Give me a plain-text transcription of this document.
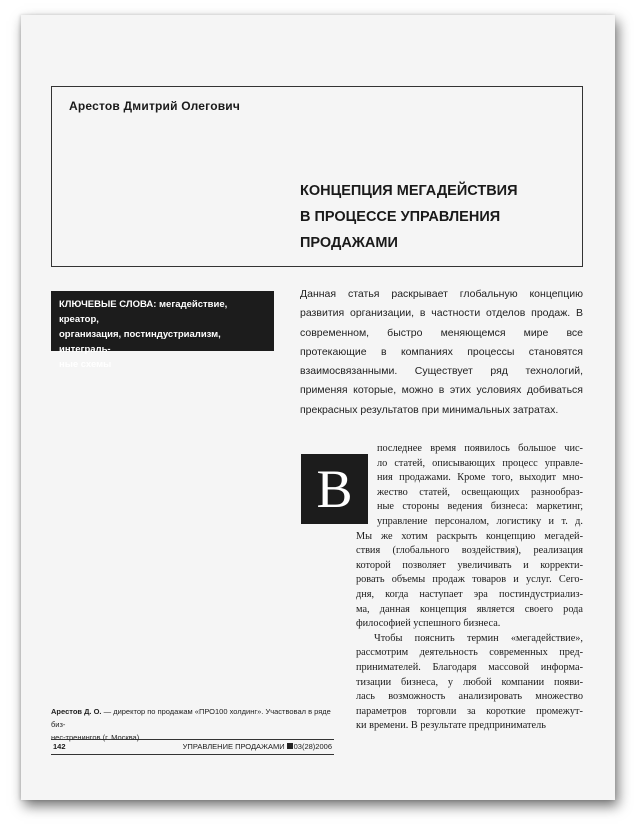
Арестов Дмитрий Олегович
КОНЦЕПЦИЯ МЕГАДЕЙСТВИЯ
В ПРОЦЕССЕ УПРАВЛЕНИЯ
ПРОДАЖАМИ
КЛЮЧЕВЫЕ СЛОВА: мегадействие, креатор,
организация, постиндустриализм, интеграль-
ные схемы
Данная статья раскрывает глобальную концепцию развития организации, в частности отделов продаж. В современном, быстро меняющемся мире все протекающие в компаниях процессы становятся взаимосвязанными. Существует ряд технологий, применяя которые, можно в этих условиях добиваться прекрасных результатов при минимальных затратах.
В
последнее время появилось большое чис-
ло статей, описывающих процесс управле-
ния продажами. Кроме того, выходит мно-
жество статей, освещающих разнообраз-
ные стороны ведения бизнеса: маркетинг,
управление персоналом, логистику и т. д.
Мы же хотим раскрыть концепцию мегадей-
ствия (глобального воздействия), реализация
которой позволяет увеличивать и корректи-
ровать объемы продаж товаров и услуг. Сего-
дня, когда наступает эра постиндустриализ-
ма, данная концепция является своего рода
философией успешного бизнеса.
Чтобы пояснить термин «мегадействие»,
рассмотрим деятельность современных пред-
принимателей. Благодаря массовой информа-
тизации бизнеса, у любой компании появи-
лась возможность анализировать множество
параметров торговли за короткие промежут-
ки времени. В результате предприниматель
Арестов Д. О. — директор по продажам «ПРО100 холдинг». Участвовал в ряде биз-
нес-тренингов (г. Москва)
142	УПРАВЛЕНИЕ ПРОДАЖАМИ 03(28)2006
